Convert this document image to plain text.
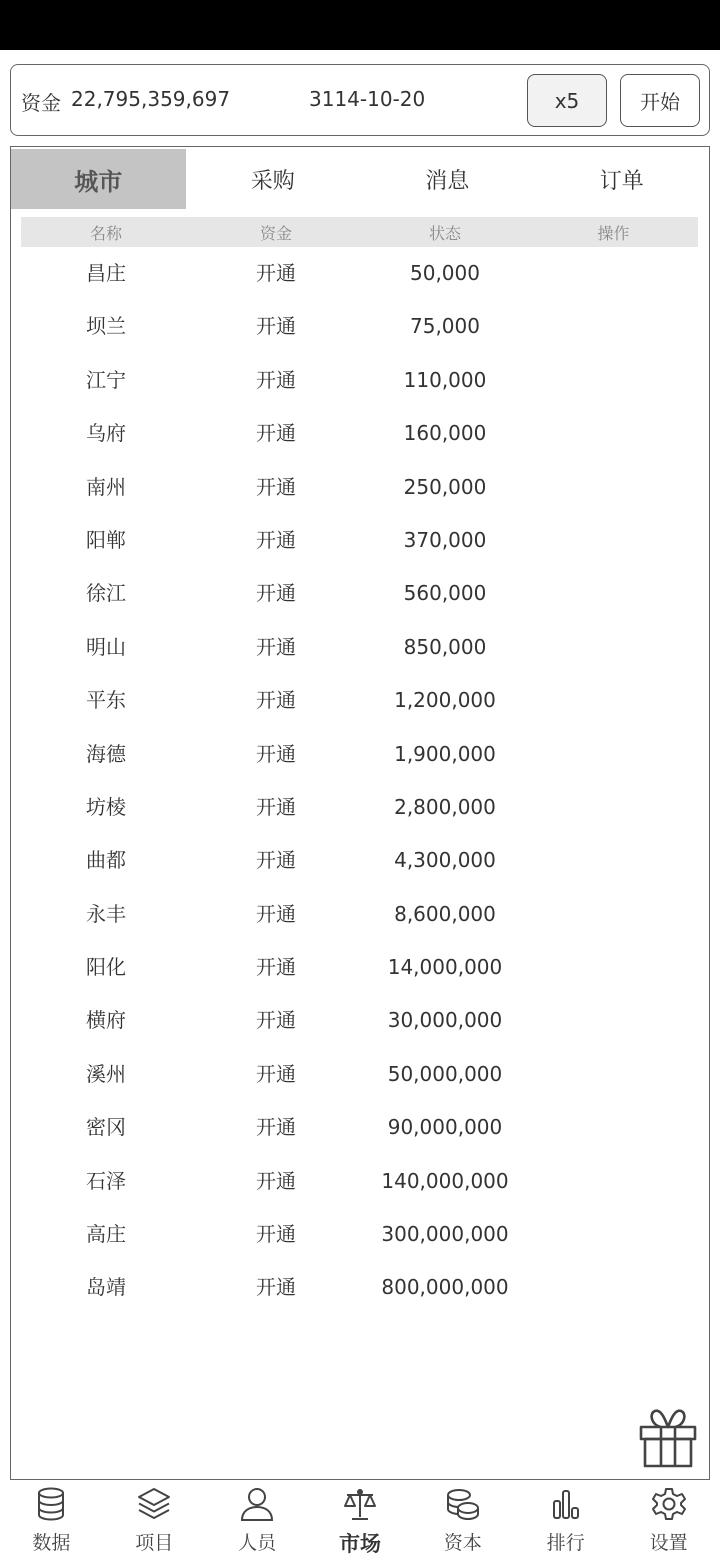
资金 22,795,359,697	3114-10-20	x5	开始
城市	采购	消息	订单
名称	资金	状态	操作
昌庄	开通	50,000
坝兰	开通	75,000
江宁	开通	110,000
乌府	开通	160,000
南州	开通	250,000
阳郸	开通	370,000
徐江	开通	560,000
明山	开通	850,000
平东	开通	1,200,000
海德	开通	1,900,000
坊棱	开通	2,800,000
曲都	开通	4,300,000
永丰	开通	8,600,000
阳化	开通	14,000,000
横府	开通	30,000,000
溪州	开通	50,000,000
密冈	开通	90,000,000
石泽	开通	140,000,000
高庄	开通	300,000,000
岛靖	开通	800,000,000
数据	项目	人员	市场	资本	排行	设置
